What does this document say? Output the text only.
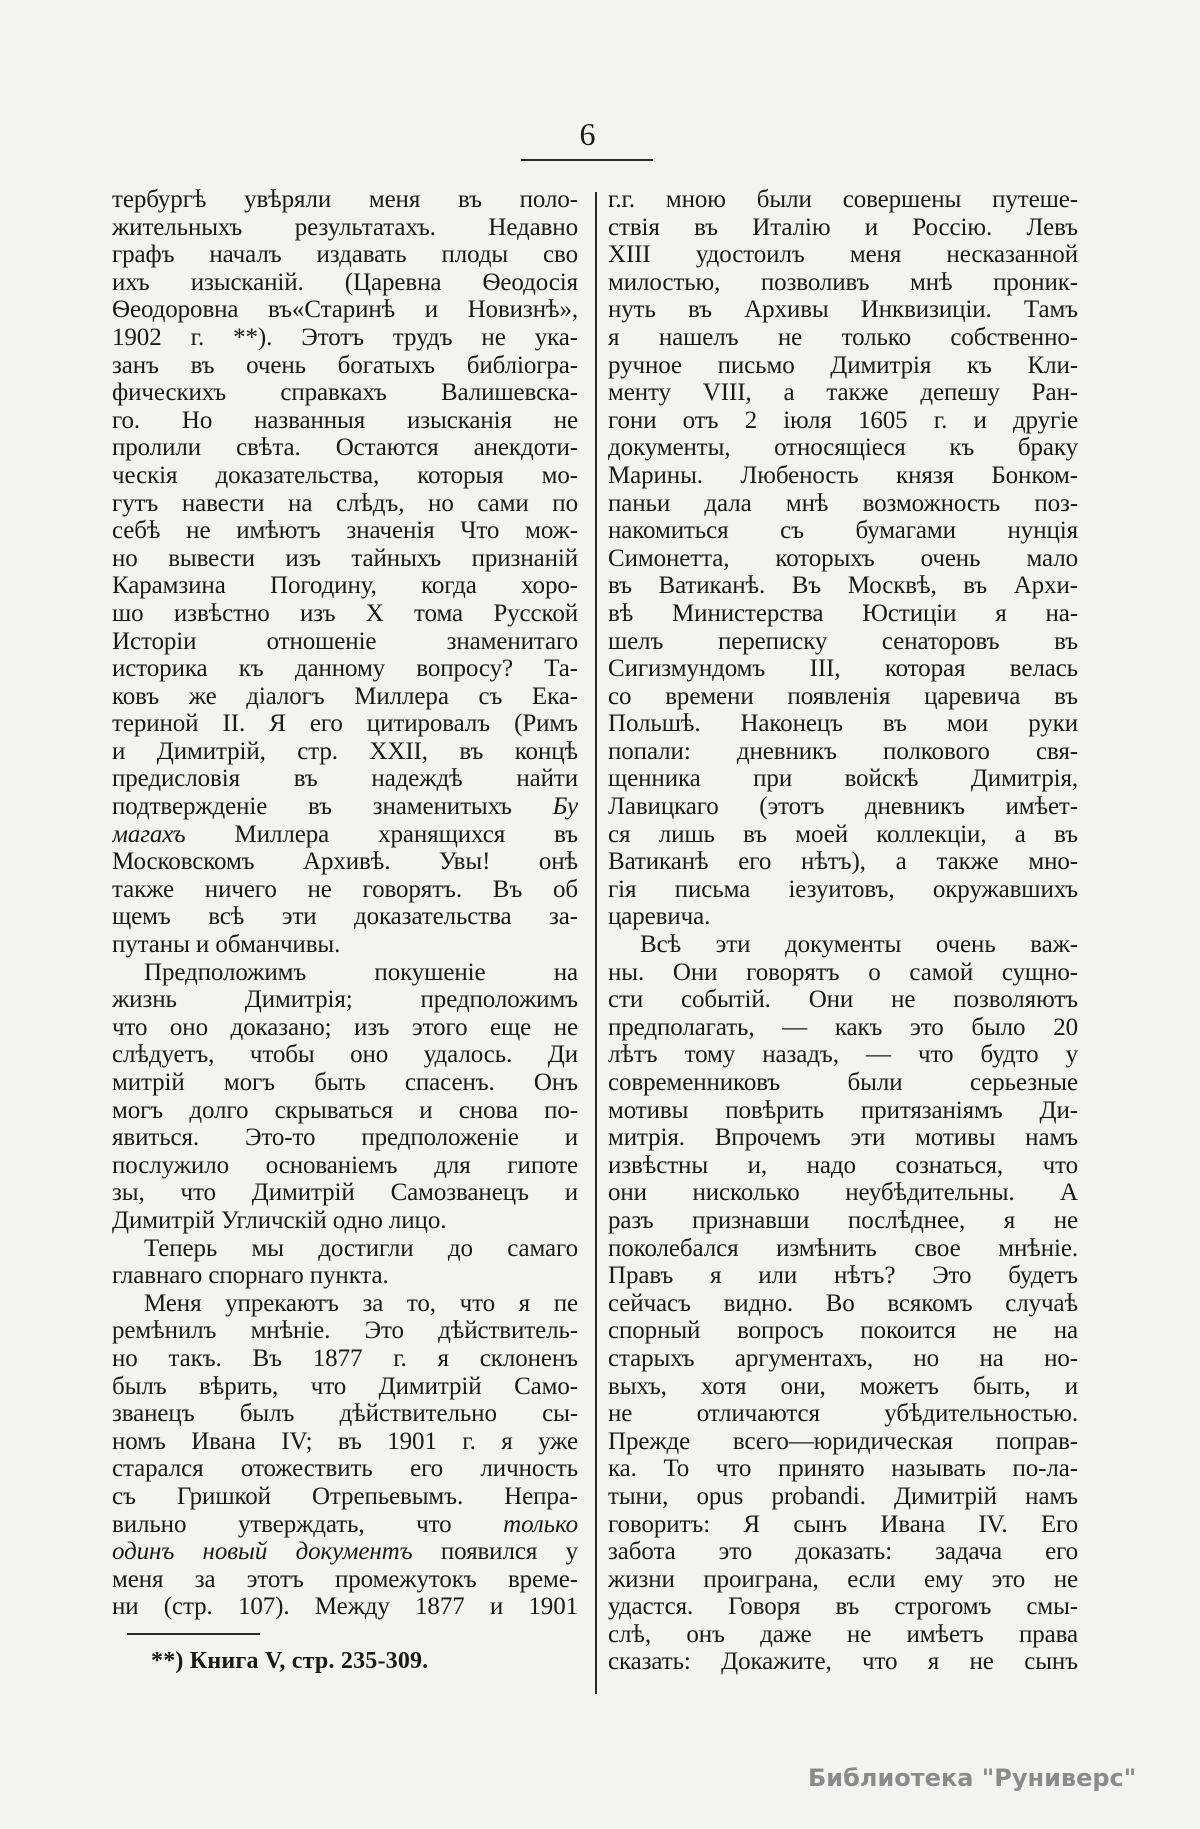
6
тербургѣ увѣряли меня въ поло-
жительныхъ результатахъ. Недавно
графъ началъ издавать плоды сво
ихъ изысканій. (Царевна Ѳеодосія
Ѳеодоровна въ«Старинѣ и Новизнѣ»,
1902 г. **). Этотъ трудъ не ука-
занъ въ очень богатыхъ библіогра-
фическихъ справкахъ Валишевска-
го. Но названныя изысканія не
пролили свѣта. Остаются анекдоти-
ческія доказательства, которыя мо-
гутъ навести на слѣдъ, но сами по
себѣ не имѣютъ значенія Что мож-
но вывести изъ тайныхъ признаній
Карамзина Погодину, когда хоро-
шо извѣстно изъ X тома Русской
Исторіи отношеніе знаменитаго
историка къ данному вопросу? Та-
ковъ же діалогъ Миллера съ Ека-
териной II. Я его цитировалъ (Римъ
и Димитрій, стр. XXII, въ концѣ
предисловія въ надеждѣ найти
подтвержденіе въ знаменитыхъ Бу
магахъ Миллера хранящихся въ
Московскомъ Архивѣ. Увы! онѣ
также ничего не говорятъ. Въ об
щемъ всѣ эти доказательства за-
путаны и обманчивы.
Предположимъ покушеніе на
жизнь Димитрія; предположимъ
что оно доказано; изъ этого еще не
слѣдуетъ, чтобы оно удалось. Ди
митрій могъ быть спасенъ. Онъ
могъ долго скрываться и снова по-
явиться. Это-то предположеніе и
послужило основаніемъ для гипоте
зы, что Димитрій Самозванецъ и
Димитрій Угличскій одно лицо.
Теперь мы достигли до самаго
главнаго спорнаго пункта.
Меня упрекаютъ за то, что я пе
ремѣнилъ мнѣніе. Это дѣйствитель-
но такъ. Въ 1877 г. я склоненъ
былъ вѣрить, что Димитрій Само-
званецъ былъ дѣйствительно сы-
номъ Ивана IV; въ 1901 г. я уже
старался отожествить его личность
съ Гришкой Отрепьевымъ. Непра-
вильно утверждать, что только
одинъ новый документъ появился у
меня за этотъ промежутокъ време-
ни (стр. 107). Между 1877 и 1901
г.г. мною были совершены путеше-
ствія въ Италію и Россію. Левъ
XIII удостоилъ меня несказанной
милостью, позволивъ мнѣ проник-
нуть въ Архивы Инквизиціи. Тамъ
я нашелъ не только собственно-
ручное письмо Димитрія къ Кли-
менту VIII, а также депешу Ран-
гони отъ 2 іюля 1605 г. и другіе
документы, относящіеся къ браку
Марины. Любеность князя Бонком-
паньи дала мнѣ возможность поз-
накомиться съ бумагами нунція
Симонетта, которыхъ очень мало
въ Ватиканѣ. Въ Москвѣ, въ Архи-
вѣ Министерства Юстиціи я на-
шелъ переписку сенаторовъ въ
Сигизмундомъ III, которая велась
со времени появленія царевича въ
Польшѣ. Наконецъ въ мои руки
попали: дневникъ полкового свя-
щенника при войскѣ Димитрія,
Лавицкаго (этотъ дневникъ имѣет-
ся лишь въ моей коллекціи, а въ
Ватиканѣ его нѣтъ), а также мно-
гія письма іезуитовъ, окружавшихъ
царевича.
Всѣ эти документы очень важ-
ны. Они говорятъ о самой сущно-
сти событій. Они не позволяютъ
предполагать, — какъ это было 20
лѣтъ тому назадъ, — что будто у
современниковъ были серьезные
мотивы повѣрить притязаніямъ Ди-
митрія. Впрочемъ эти мотивы намъ
извѣстны и, надо сознаться, что
они нисколько неубѣдительны. А
разъ признавши послѣднее, я не
поколебался измѣнить свое мнѣніе.
Правъ я или нѣтъ? Это будетъ
сейчасъ видно. Во всякомъ случаѣ
спорный вопросъ покоится не на
старыхъ аргументахъ, но на но-
выхъ, хотя они, можетъ быть, и
не отличаются убѣдительностью.
Прежде всего—юридическая поправ-
ка. То что принято называть по-ла-
тыни, opus probandi. Димитрій намъ
говоритъ: Я сынъ Ивана IV. Его
забота это доказать: задача его
жизни проиграна, если ему это не
удастся. Говоря въ строгомъ смы-
слѣ, онъ даже не имѣетъ права
сказать: Докажите, что я не сынъ
**) Книга V, стр. 235-309.
Библиотека "Руниверс"
